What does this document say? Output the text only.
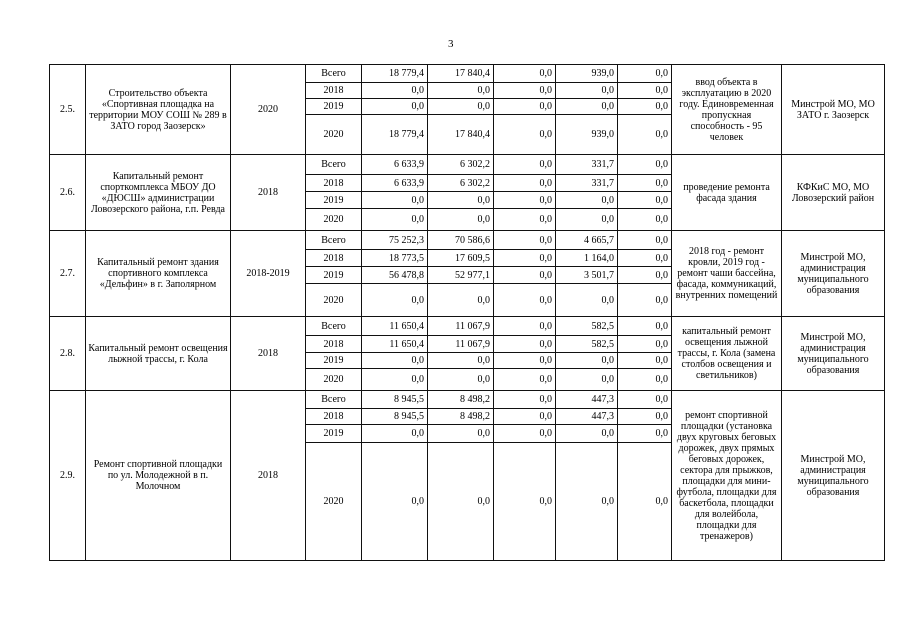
3
2.5.	Строительство объекта «Спортивная площадка на территории МОУ СОШ № 289 в ЗАТО город Заозерск»	2020	Всего	18 779,4	17 840,4	0,0	939,0	0,0	ввод объекта в эксплуатацию в 2020 году. Единовременная пропускная способность - 95 человек	Минстрой МО, МО ЗАТО г. Заозерск
			2018	0,0	0,0	0,0	0,0	0,0		
			2019	0,0	0,0	0,0	0,0	0,0		
			2020	18 779,4	17 840,4	0,0	939,0	0,0		
2.6.	Капитальный ремонт спорткомплекса МБОУ ДО «ДЮСШ» администрации Ловозерского района, г.п. Ревда	2018	Всего	6 633,9	6 302,2	0,0	331,7	0,0	проведение ремонта фасада здания	КФКиС МО, МО Ловозерский район
			2018	6 633,9	6 302,2	0,0	331,7	0,0		
			2019	0,0	0,0	0,0	0,0	0,0		
			2020	0,0	0,0	0,0	0,0	0,0		
2.7.	Капитальный ремонт здания спортивного комплекса «Дельфин» в г. Заполярном	2018-2019	Всего	75 252,3	70 586,6	0,0	4 665,7	0,0	2018 год - ремонт кровли, 2019 год - ремонт чаши бассейна, фасада, коммуникаций, внутренних помещений	Минстрой МО, администрация муниципального образования
			2018	18 773,5	17 609,5	0,0	1 164,0	0,0		
			2019	56 478,8	52 977,1	0,0	3 501,7	0,0		
			2020	0,0	0,0	0,0	0,0	0,0		
2.8.	Капитальный ремонт освещения лыжной трассы, г. Кола	2018	Всего	11 650,4	11 067,9	0,0	582,5	0,0	капитальный ремонт освещения лыжной трассы, г. Кола (замена столбов освещения и светильников)	Минстрой МО, администрация муниципального образования
			2018	11 650,4	11 067,9	0,0	582,5	0,0		
			2019	0,0	0,0	0,0	0,0	0,0		
			2020	0,0	0,0	0,0	0,0	0,0		
2.9.	Ремонт спортивной площадки по ул. Молодежной в п. Молочном	2018	Всего	8 945,5	8 498,2	0,0	447,3	0,0	ремонт спортивной площадки (установка двух круговых беговых дорожек, двух прямых беговых дорожек, сектора для прыжков, площадки для мини-футбола, площадки для баскетбола, площадки для волейбола, площадки для тренажеров)	Минстрой МО, администрация муниципального образования
			2018	8 945,5	8 498,2	0,0	447,3	0,0		
			2019	0,0	0,0	0,0	0,0	0,0		
			2020	0,0	0,0	0,0	0,0	0,0		
